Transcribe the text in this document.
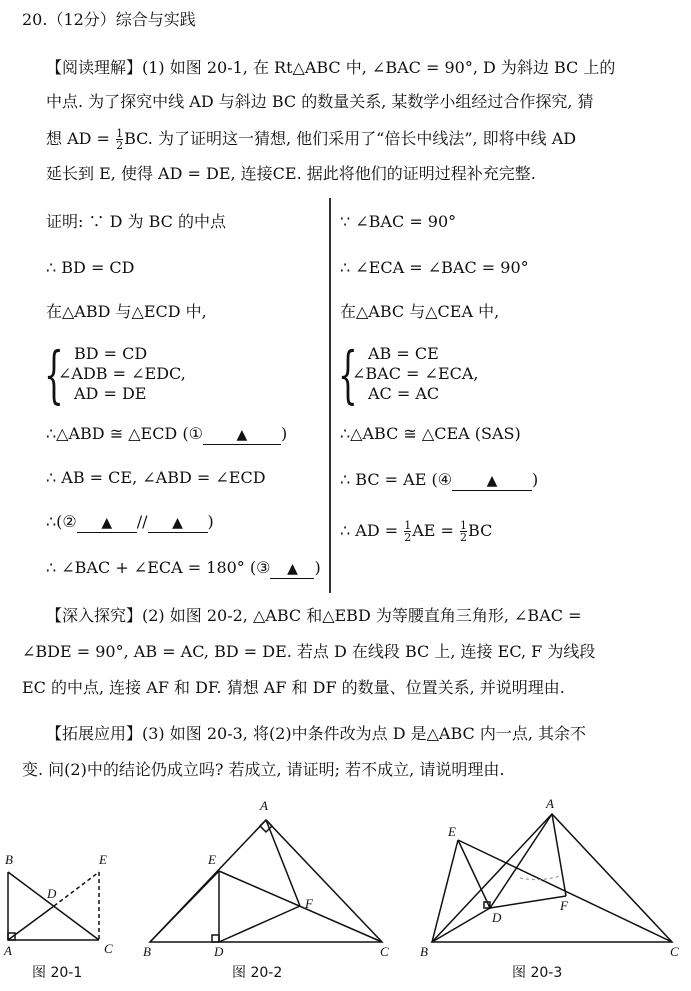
20.（12分）综合与实践
【阅读理解】(1) 如图 20-1, 在 Rt△ABC 中, ∠BAC = 90°, D 为斜边 BC 上的
中点. 为了探究中线 AD 与斜边 BC 的数量关系, 某数学小组经过合作探究, 猜
想 AD = $\frac{1}{2}$ BC. 为了证明这一猜想, 他们采用了“倍长中线法”, 即将中线 AD
延长到 E, 使得 AD = DE, 连接CE. 据此将他们的证明过程补充完整.
证明: ∵ D 为 BC 的中点
∴ BD = CD
在△ABD 与△ECD 中,
{ BD = CD
∠ADB = ∠EDC,
AD = DE
∴△ABD ≅ △ECD (① ▲ )
∴ AB = CE, ∠ABD = ∠ECD
∴(② ▲ // ▲ )
∴ ∠BAC + ∠ECA = 180° (③ ▲ )
∵ ∠BAC = 90°
∴ ∠ECA = ∠BAC = 90°
在△ABC 与△CEA 中,
{ AB = CE
∠BAC = ∠ECA,
AC = AC
∴△ABC ≅ △CEA (SAS)
∴ BC = AE (④ ▲ )
∴ AD = $\frac{1}{2}$ AE = $\frac{1}{2}$ BC
【深入探究】(2) 如图 20-2, △ABC 和△EBD 为等腰直角三角形, ∠BAC =
∠BDE = 90°, AB = AC, BD = DE. 若点 D 在线段 BC 上, 连接 EC, F 为线段
EC 的中点, 连接 AF 和 DF. 猜想 AF 和 DF 的数量、位置关系, 并说明理由.
【拓展应用】(3) 如图 20-3, 将(2)中条件改为点 D 是△ABC 内一点, 其余不
变. 问(2)中的结论仍成立吗? 若成立, 请证明; 若不成立, 请说明理由.
B
A	C
D
E
图 20-1
A
B	C
D
E
F
图 20-2
A
B	C
D
E
F
图 20-3
